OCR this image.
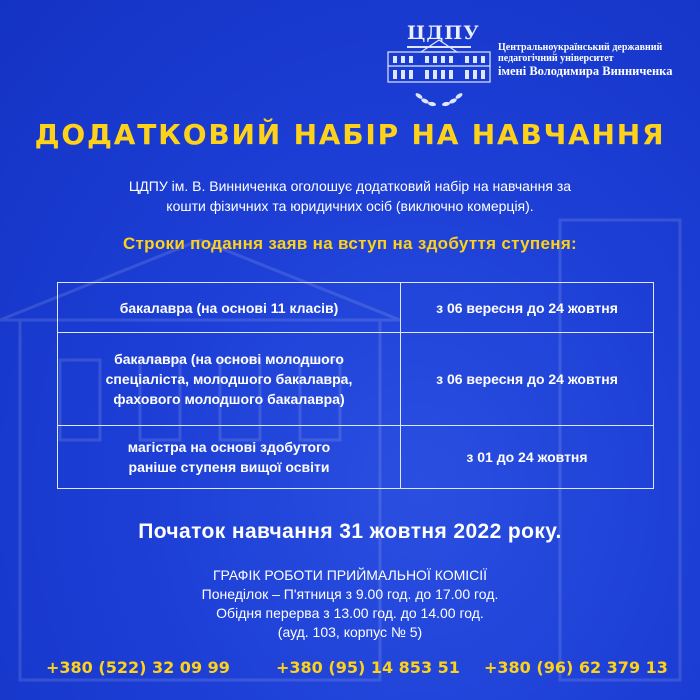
ЦДПУ
Центральноукраїнський державний
педагогічний університет
імені Володимира Винниченка
ДОДАТКОВИЙ НАБІР НА НАВЧАННЯ
ЦДПУ ім. В. Винниченка оголошує додатковий набір на навчання за
кошти фізичних та юридичних осіб (виключно комерція).
Строки подання заяв на вступ на здобуття ступеня:
бакалавра (на основі 11 класів)	з 06 вересня до 24 жовтня

бакалавра (на основі молодшого
спеціаліста, молодшого бакалавра,
фахового молодшого бакалавра)	з 06 вересня до 24 жовтня

магістра на основі здобутого
раніше ступеня вищої освіти	з 01 до 24 жовтня
Початок навчання 31 жовтня 2022 року.
ГРАФІК РОБОТИ ПРИЙМАЛЬНОЇ КОМІСІЇ
Понеділок – П'ятниця з 9.00 год. до 17.00 год.
Обідня перерва з 13.00 год. до 14.00 год.
(ауд. 103, корпус № 5)
+380 (522) 32 09 99	+380 (95) 14 853 51 +380 (96) 62 379 13
